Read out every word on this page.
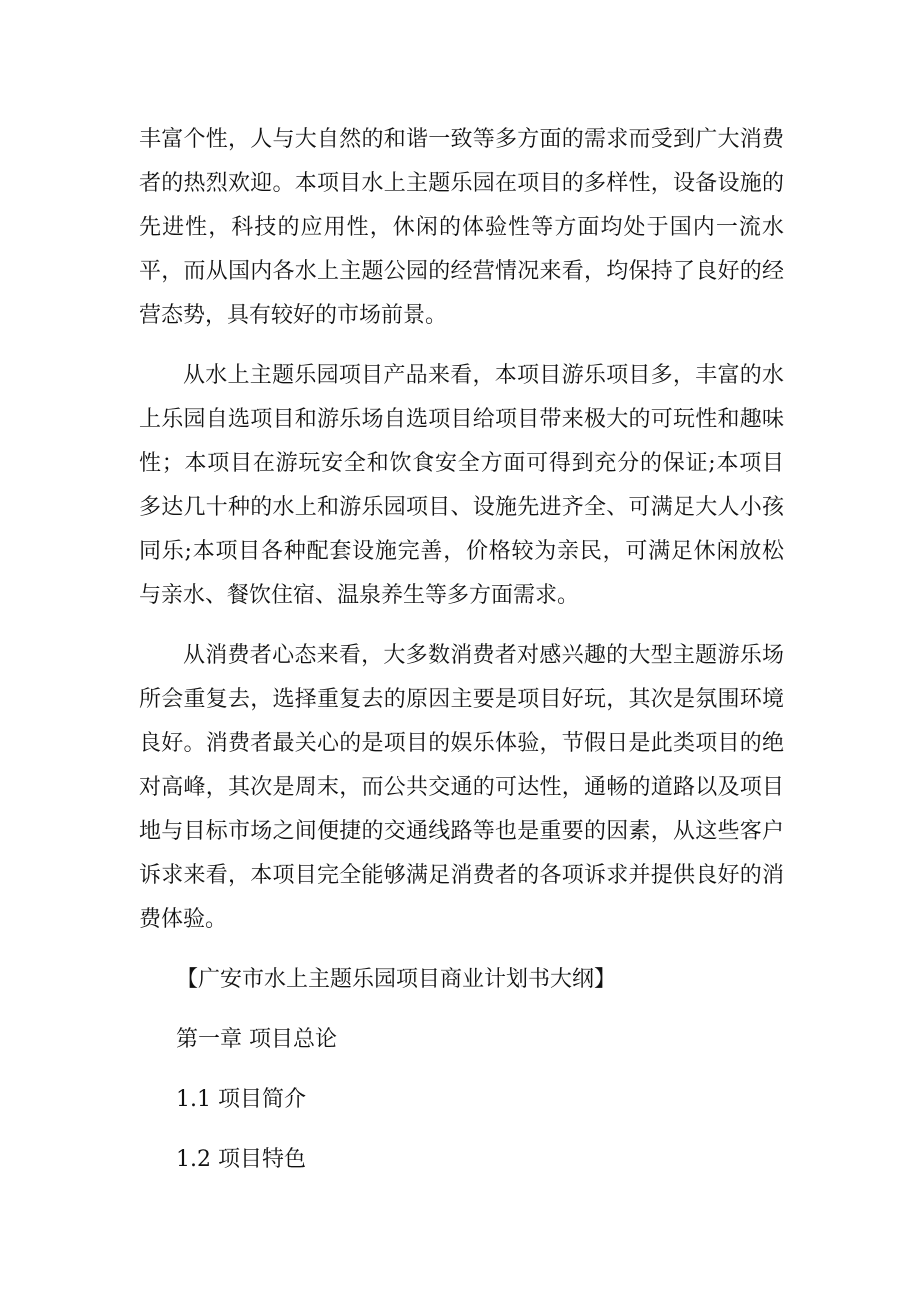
丰富个性，人与大自然的和谐一致等多方面的需求而受到广大消费者的热烈欢迎。本项目水上主题乐园在项目的多样性，设备设施的先进性，科技的应用性，休闲的体验性等方面均处于国内一流水平，而从国内各水上主题公园的经营情况来看，均保持了良好的经营态势，具有较好的市场前景。

从水上主题乐园项目产品来看，本项目游乐项目多，丰富的水上乐园自选项目和游乐场自选项目给项目带来极大的可玩性和趣味性；本项目在游玩安全和饮食安全方面可得到充分的保证;本项目多达几十种的水上和游乐园项目、设施先进齐全、可满足大人小孩同乐;本项目各种配套设施完善，价格较为亲民，可满足休闲放松与亲水、餐饮住宿、温泉养生等多方面需求。

从消费者心态来看，大多数消费者对感兴趣的大型主题游乐场所会重复去，选择重复去的原因主要是项目好玩，其次是氛围环境良好。消费者最关心的是项目的娱乐体验，节假日是此类项目的绝对高峰，其次是周末，而公共交通的可达性，通畅的道路以及项目地与目标市场之间便捷的交通线路等也是重要的因素，从这些客户诉求来看，本项目完全能够满足消费者的各项诉求并提供良好的消费体验。

【广安市水上主题乐园项目商业计划书大纲】

第一章 项目总论

1.1 项目简介

1.2 项目特色
